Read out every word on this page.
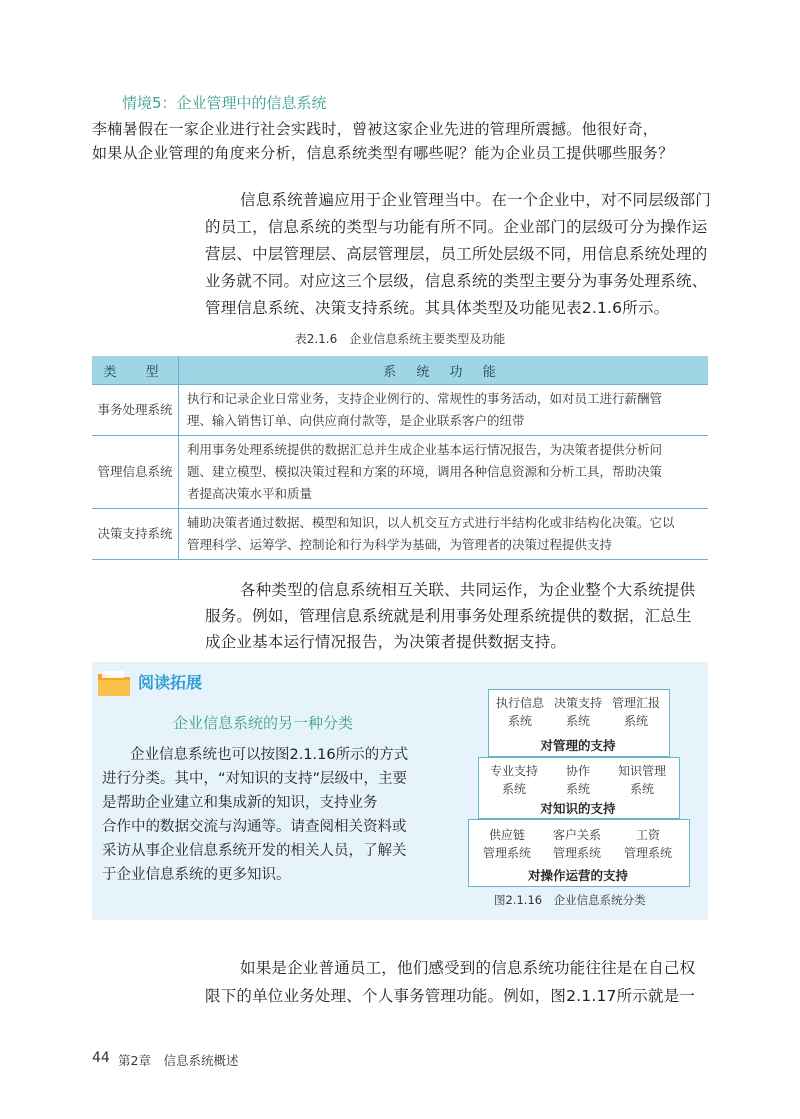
情境5：企业管理中的信息系统
李楠暑假在一家企业进行社会实践时，曾被这家企业先进的管理所震撼。他很好奇，
如果从企业管理的角度来分析，信息系统类型有哪些呢？能为企业员工提供哪些服务？
信息系统普遍应用于企业管理当中。在一个企业中，对不同层级部门
的员工，信息系统的类型与功能有所不同。企业部门的层级可分为操作运
营层、中层管理层、高层管理层，员工所处层级不同，用信息系统处理的
业务就不同。对应这三个层级，信息系统的类型主要分为事务处理系统、
管理信息系统、决策支持系统。其具体类型及功能见表2.1.6所示。
表2.1.6　企业信息系统主要类型及功能
类　型	系 统 功 能
事务处理系统	执行和记录企业日常业务，支持企业例行的、常规性的事务活动，如对员工进行薪酬管
理、输入销售订单、向供应商付款等，是企业联系客户的纽带

管理信息系统	利用事务处理系统提供的数据汇总并生成企业基本运行情况报告，为决策者提供分析问
题、建立模型、模拟决策过程和方案的环境，调用各种信息资源和分析工具，帮助决策
者提高决策水平和质量

决策支持系统	辅助决策者通过数据、模型和知识，以人机交互方式进行半结构化或非结构化决策。它以
管理科学、运筹学、控制论和行为科学为基础，为管理者的决策过程提供支持
各种类型的信息系统相互关联、共同运作，为企业整个大系统提供
服务。例如，管理信息系统就是利用事务处理系统提供的数据，汇总生
成企业基本运行情况报告，为决策者提供数据支持。
阅读拓展
企业信息系统的另一种分类
企业信息系统也可以按图2.1.16所示的方式
进行分类。其中，“对知识的支持”层级中，主要
是帮助企业建立和集成新的知识，支持业务
合作中的数据交流与沟通等。请查阅相关资料或
采访从事企业信息系统开发的相关人员，了解关
于企业信息系统的更多知识。
执行信息
系统
决策支持
系统
管理汇报
系统
对管理的支持
专业支持
系统
协作
系统
知识管理
系统
对知识的支持
供应链
管理系统
客户关系
管理系统
工资
管理系统
对操作运营的支持
图2.1.16　企业信息系统分类
如果是企业普通员工，他们感受到的信息系统功能往往是在自己权
限下的单位业务处理、个人事务管理功能。例如，图2.1.17所示就是一
44 第2章　信息系统概述
